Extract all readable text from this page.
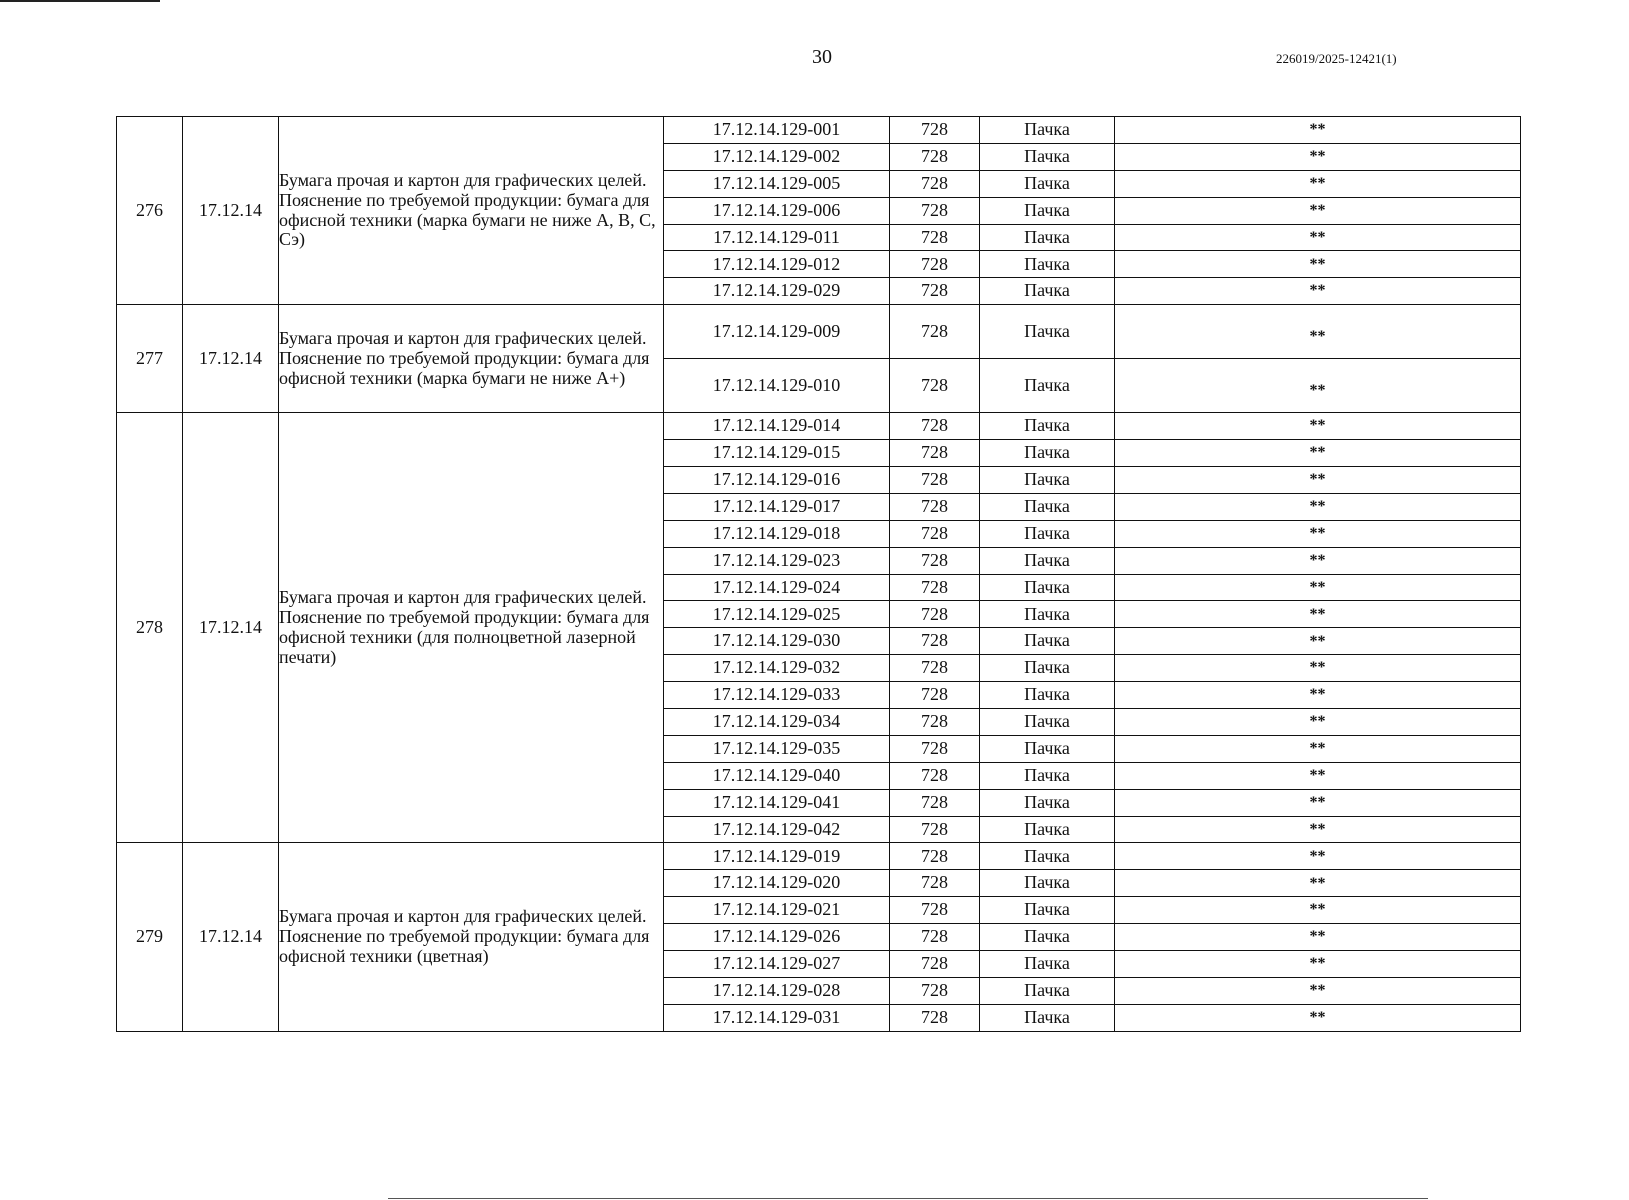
30	226019/2025-12421(1)
276	17.12.14	Бумага прочая и картон для графических целей. Пояснение по требуемой продукции: бумага для офисной техники (марка бумаги не ниже А, В, С, Сэ)	17.12.14.129-001	728	Пачка	**
			17.12.14.129-002	728	Пачка	**
			17.12.14.129-005	728	Пачка	**
			17.12.14.129-006	728	Пачка	**
			17.12.14.129-011	728	Пачка	**
			17.12.14.129-012	728	Пачка	**
			17.12.14.129-029	728	Пачка	**
277	17.12.14	Бумага прочая и картон для графических целей. Пояснение по требуемой продукции: бумага для офисной техники (марка бумаги не ниже А+)	17.12.14.129-009	728	Пачка	**
			17.12.14.129-010	728	Пачка	**
278	17.12.14	Бумага прочая и картон для графических целей. Пояснение по требуемой продукции: бумага для офисной техники (для полноцветной лазерной печати)	17.12.14.129-014	728	Пачка	**
			17.12.14.129-015	728	Пачка	**
			17.12.14.129-016	728	Пачка	**
			17.12.14.129-017	728	Пачка	**
			17.12.14.129-018	728	Пачка	**
			17.12.14.129-023	728	Пачка	**
			17.12.14.129-024	728	Пачка	**
			17.12.14.129-025	728	Пачка	**
			17.12.14.129-030	728	Пачка	**
			17.12.14.129-032	728	Пачка	**
			17.12.14.129-033	728	Пачка	**
			17.12.14.129-034	728	Пачка	**
			17.12.14.129-035	728	Пачка	**
			17.12.14.129-040	728	Пачка	**
			17.12.14.129-041	728	Пачка	**
			17.12.14.129-042	728	Пачка	**
279	17.12.14	Бумага прочая и картон для графических целей. Пояснение по требуемой продукции: бумага для офисной техники (цветная)	17.12.14.129-019	728	Пачка	**
			17.12.14.129-020	728	Пачка	**
			17.12.14.129-021	728	Пачка	**
			17.12.14.129-026	728	Пачка	**
			17.12.14.129-027	728	Пачка	**
			17.12.14.129-028	728	Пачка	**
			17.12.14.129-031	728	Пачка	**
